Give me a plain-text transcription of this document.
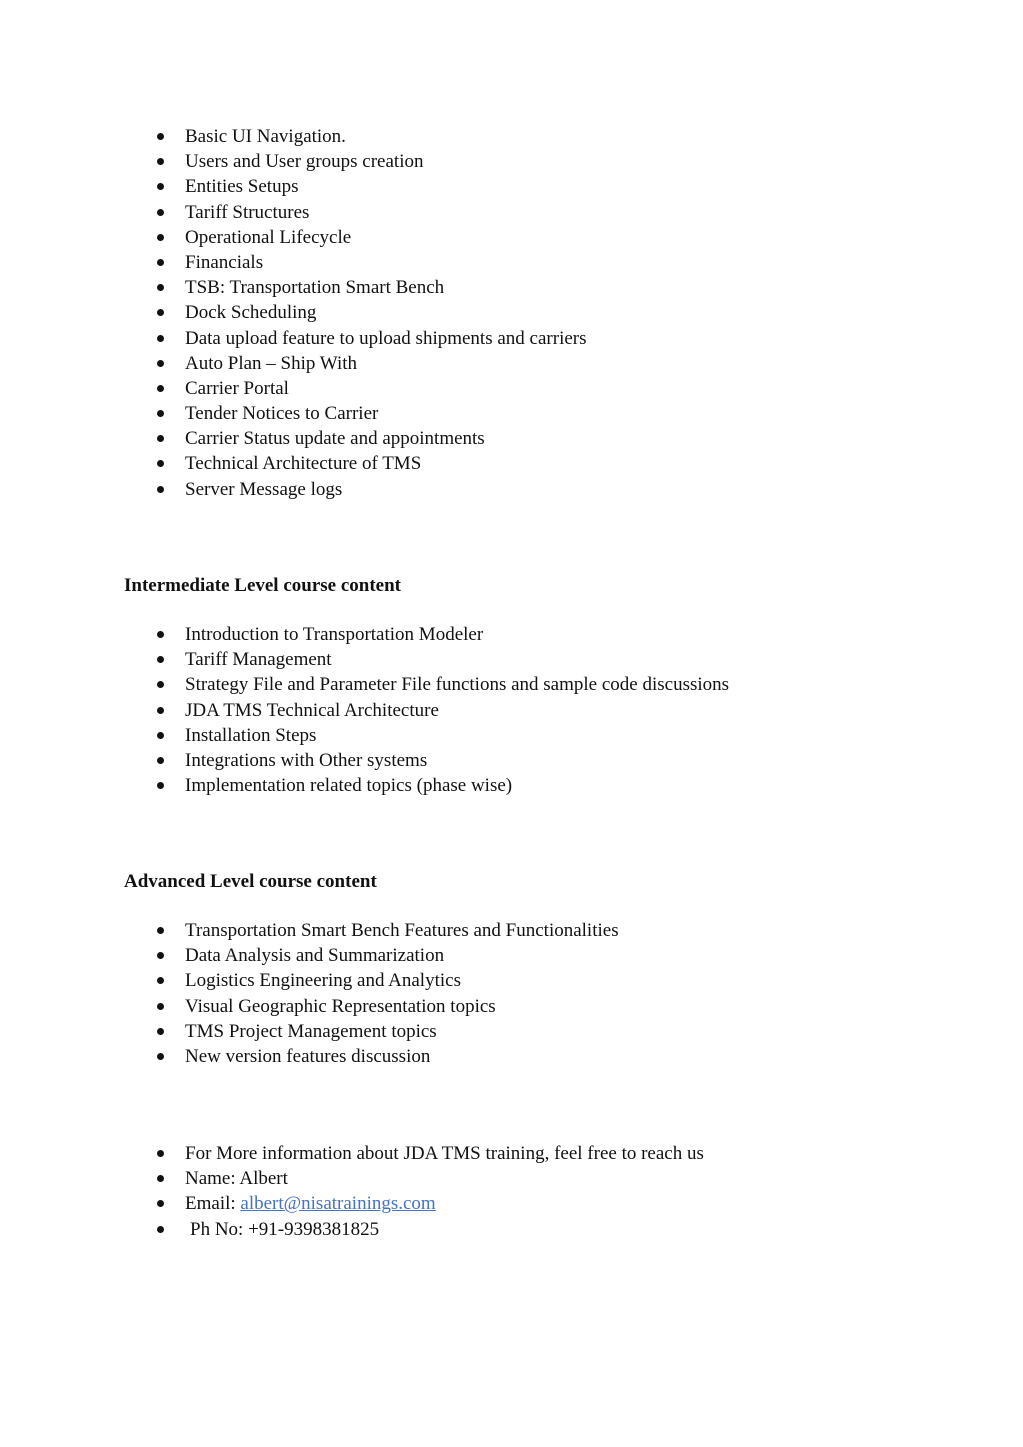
Basic UI Navigation.
Users and User groups creation
Entities Setups
Tariff Structures
Operational Lifecycle
Financials
TSB: Transportation Smart Bench
Dock Scheduling
Data upload feature to upload shipments and carriers
Auto Plan – Ship With
Carrier Portal
Tender Notices to Carrier
Carrier Status update and appointments
Technical Architecture of TMS
Server Message logs
Intermediate Level course content
Introduction to Transportation Modeler
Tariff Management
Strategy File and Parameter File functions and sample code discussions
JDA TMS Technical Architecture
Installation Steps
Integrations with Other systems
Implementation related topics (phase wise)
Advanced Level course content
Transportation Smart Bench Features and Functionalities
Data Analysis and Summarization
Logistics Engineering and Analytics
Visual Geographic Representation topics
TMS Project Management topics
New version features discussion
For More information about JDA TMS training, feel free to reach us
Name: Albert
Email: albert@nisatrainings.com
Ph No: +91-9398381825
